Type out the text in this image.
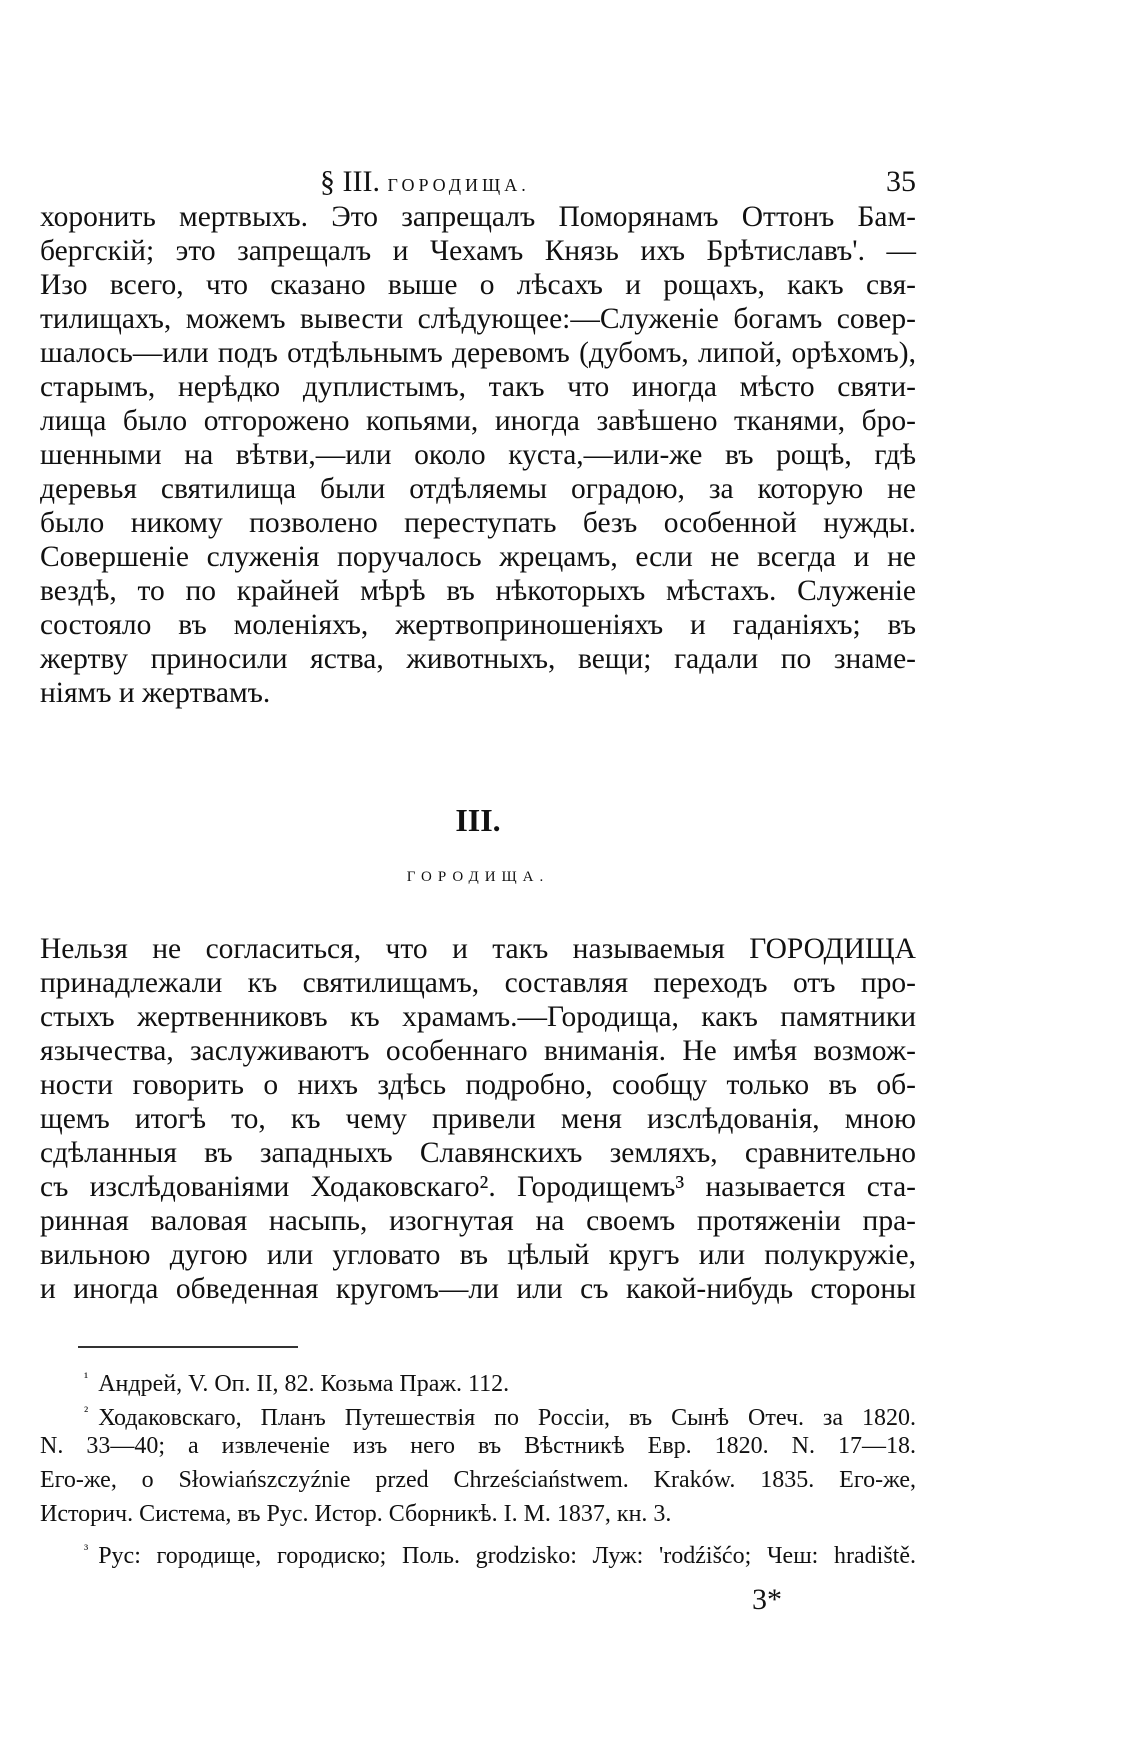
§ III. ГОРОДИЩА.	35
хоронить мертвыхъ. Это запрещалъ Поморянамъ Оттонъ Бам-
бергскій; это запрещалъ и Чехамъ Князь ихъ Брѣтиславъ'. —
Изо всего, что сказано выше о лѣсахъ и рощахъ, какъ свя-
тилищахъ, можемъ вывести слѣдующее:—Служеніе богамъ совер-
шалось—или подъ отдѣльнымъ деревомъ (дубомъ, липой, орѣхомъ),
старымъ, нерѣдко дуплистымъ, такъ что иногда мѣсто святи-
лища было отгорожено копьями, иногда завѣшено тканями, бро-
шенными на вѣтви,—или около куста,—или-же въ рощѣ, гдѣ
деревья святилища были отдѣляемы оградою, за которую не
было никому позволено переступать безъ особенной нужды.
Совершеніе служенія поручалось жрецамъ, если не всегда и не
вездѣ, то по крайней мѣрѣ въ нѣкоторыхъ мѣстахъ. Служеніе
состояло въ моленіяхъ, жертвоприношеніяхъ и гаданіяхъ; въ
жертву приносили яства, животныхъ, вещи; гадали по знаме-
ніямъ и жертвамъ.
III.
ГОРОДИЩА.
Нельзя не согласиться, что и такъ называемыя ГОРОДИЩА
принадлежали къ святилищамъ, составляя переходъ отъ про-
стыхъ жертвенниковъ къ храмамъ.—Городища, какъ памятники
язычества, заслуживаютъ особеннаго вниманія. Не имѣя возмож-
ности говорить о нихъ здѣсь подробно, сообщу только въ об-
щемъ итогѣ то, къ чему привели меня изслѣдованія, мною
сдѣланныя въ западныхъ Славянскихъ земляхъ, сравнительно
съ изслѣдованіями Ходаковскаго². Городищемъ³ называется ста-
ринная валовая насыпь, изогнутая на своемъ протяженіи пра-
вильною дугою или угловато въ цѣлый кругъ или полукружіе,
и иногда обведенная кругомъ—ли или съ какой-нибудь стороны
$^{^1}$ Андрей, V. Оп. II, 82. Козьма Праж. 112.
$^{^2}$ Ходаковскаго, Планъ Путешествія по Россіи, въ Сынѣ Отеч. за 1820.
N. 33—40; а извлеченіе изъ него въ Вѣстникѣ Евр. 1820. N. 17—18.
Его-же, о Słowiańszczyźnie przed Chrześciaństwem. Kraków. 1835. Его-же,
Историч. Система, въ Рус. Истор. Сборникѣ. I. M. 1837, кн. 3.
$^{^3}$ Рус: городище, городиско; Поль. grodzisko: Луж: 'rodźišćo; Чеш: hradiště.
3*
